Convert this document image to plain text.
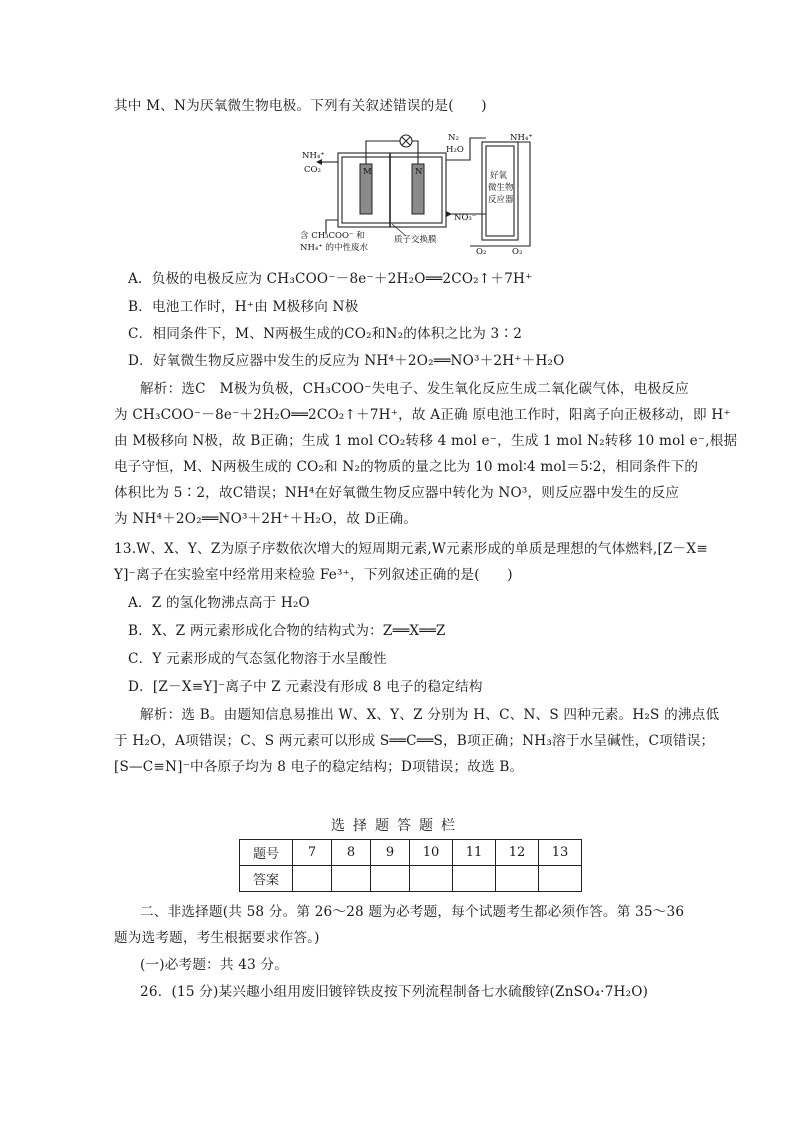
其中 M、N为厌氧微生物电极。下列有关叙述错误的是(　　)
NH₄⁺
CO₂	M	N
N₂
H₂O
NH₄⁺
好氧
微生物
反应器
NO₃⁻
含 CH₃COO⁻ 和
NH₄⁺ 的中性废水
质子交换膜
O₂	O₂
A．负极的电极反应为 CH₃COO⁻－8e⁻＋2H₂O══2CO₂↑＋7H⁺
B．电池工作时，H⁺由 M极移向 N极
C．相同条件下，M、N两极生成的CO₂和N₂的体积之比为 3∶2
D．好氧微生物反应器中发生的反应为 NH⁴＋2O₂══NO³＋2H⁺＋H₂O
解析：选C　M极为负极，CH₃COO⁻失电子、发生氧化反应生成二氧化碳气体，电极反应
为 CH₃COO⁻－8e⁻＋2H₂O══2CO₂↑＋7H⁺，故 A正确 原电池工作时，阳离子向正极移动，即 H⁺
由 M极移向 N极，故 B正确；生成 1 mol CO₂转移 4 mol e⁻，生成 1 mol N₂转移 10 mol e⁻,根据
电子守恒，M、N两极生成的 CO₂和 N₂的物质的量之比为 10 mol∶4 mol＝5∶2，相同条件下的
体积比为 5∶2，故C错误；NH⁴在好氧微生物反应器中转化为 NO³，则反应器中发生的反应
为 NH⁴＋2O₂══NO³＋2H⁺＋H₂O，故 D正确。
13.W、X、Y、Z为原子序数依次增大的短周期元素,W元素形成的单质是理想的气体燃料,[Z－X≡
Y]⁻离子在实验室中经常用来检验 Fe³⁺，下列叙述正确的是(　　)
A．Z 的氢化物沸点高于 H₂O
B．X、Z 两元素形成化合物的结构式为：Z══X══Z
C．Y 元素形成的气态氢化物溶于水呈酸性
D．[Z－X≡Y]⁻离子中 Z 元素没有形成 8 电子的稳定结构
解析：选 B。由题知信息易推出 W、X、Y、Z 分别为 H、C、N、S 四种元素。H₂S 的沸点低
于 H₂O，A项错误；C、S 两元素可以形成 S══C══S，B项正确；NH₃溶于水呈碱性，C项错误；
[S—C≡N]⁻中各原子均为 8 电子的稳定结构；D项错误；故选 B。
选择题答题栏
题号	7	8	9	10	11	12	13
答案							
二、非选择题(共 58 分。第 26～28 题为必考题，每个试题考生都必须作答。第 35～36
题为选考题，考生根据要求作答。)
(一)必考题：共 43 分。
26．(15 分)某兴趣小组用废旧镀锌铁皮按下列流程制备七水硫酸锌(ZnSO₄·7H₂O)
